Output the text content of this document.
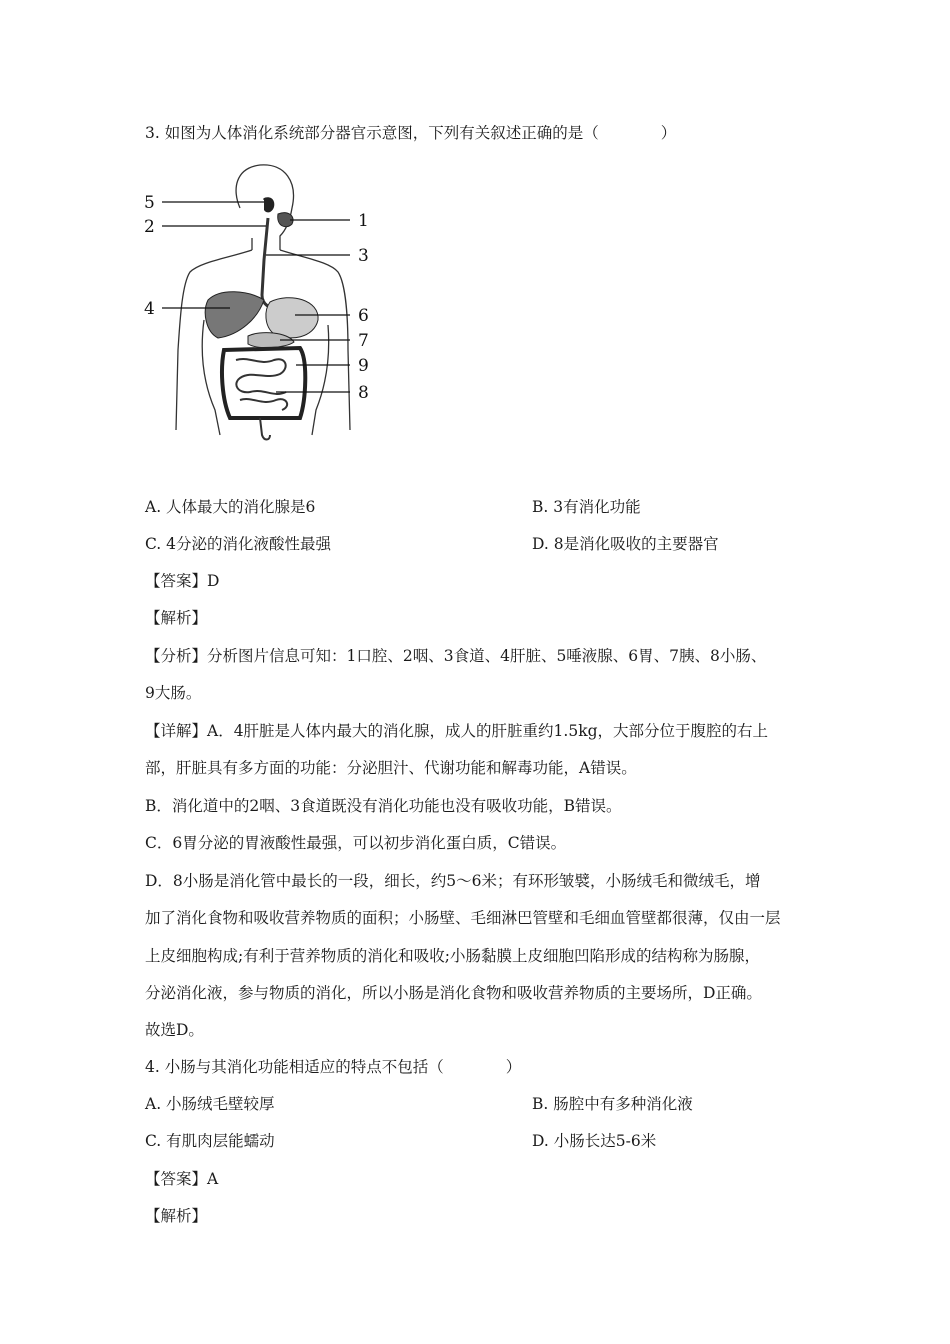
3. 如图为人体消化系统部分器官示意图，下列有关叙述正确的是（　　　　）
5
2	1
3
4	6
7
9
8
A. 人体最大的消化腺是6	B. 3有消化功能
C. 4分泌的消化液酸性最强	D. 8是消化吸收的主要器官
【答案】D
【解析】
【分析】分析图片信息可知：1口腔、2咽、3食道、4肝脏、5唾液腺、6胃、7胰、8小肠、
9大肠。
【详解】A．4肝脏是人体内最大的消化腺，成人的肝脏重约1.5kg，大部分位于腹腔的右上
部，肝脏具有多方面的功能：分泌胆汁、代谢功能和解毒功能，A错误。
B．消化道中的2咽、3食道既没有消化功能也没有吸收功能，B错误。
C．6胃分泌的胃液酸性最强，可以初步消化蛋白质，C错误。
D．8小肠是消化管中最长的一段，细长，约5～6米；有环形皱襞，小肠绒毛和微绒毛，增
加了消化食物和吸收营养物质的面积；小肠壁、毛细淋巴管壁和毛细血管壁都很薄，仅由一层
上皮细胞构成;有利于营养物质的消化和吸收;小肠黏膜上皮细胞凹陷形成的结构称为肠腺，
分泌消化液，参与物质的消化，所以小肠是消化食物和吸收营养物质的主要场所，D正确。
故选D。
4. 小肠与其消化功能相适应的特点不包括（　　　　）
A. 小肠绒毛壁较厚	B. 肠腔中有多种消化液
C. 有肌肉层能蠕动	D. 小肠长达5-6米
【答案】A
【解析】
